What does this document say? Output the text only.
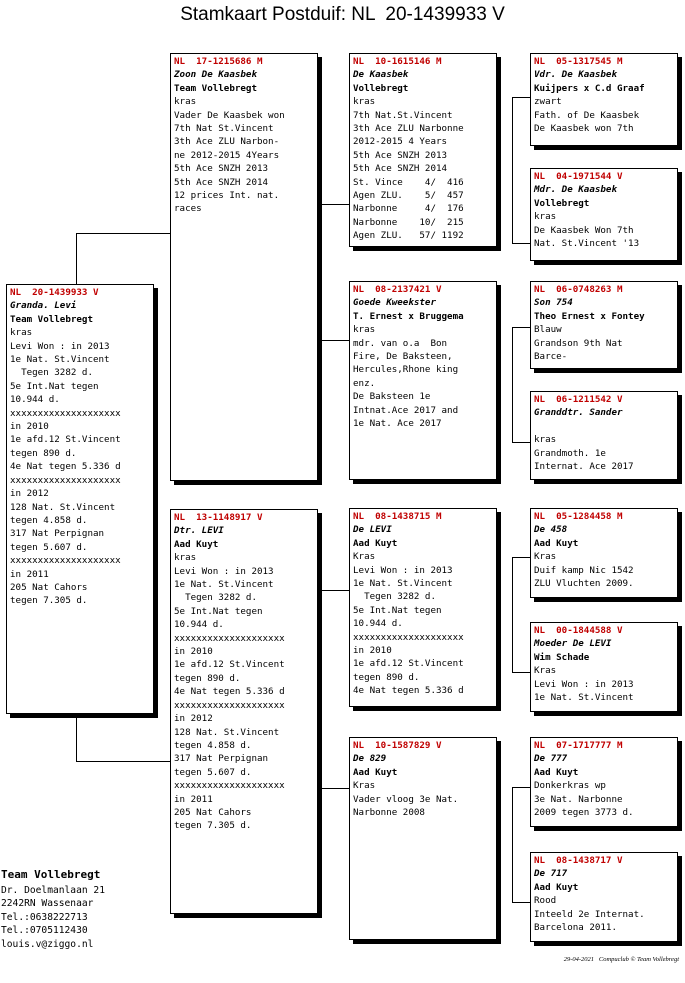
Stamkaart Postduif: NL  20-1439933 V
NL  20-1439933 V
Granda. Levi
Team Vollebregt
kras
Levi Won : in 2013
1e Nat. St.Vincent
Tegen 3282 d.
5e Int.Nat tegen
10.944 d.
xxxxxxxxxxxxxxxxxxxx
in 2010
1e afd.12 St.Vincent
tegen 890 d.
4e Nat tegen 5.336 d
xxxxxxxxxxxxxxxxxxxx
in 2012
128 Nat. St.Vincent
tegen 4.858 d.
317 Nat Perpignan
tegen 5.607 d.
xxxxxxxxxxxxxxxxxxxx
in 2011
205 Nat Cahors
tegen 7.305 d.
NL  17-1215686 M
Zoon De Kaasbek
Team Vollebregt
kras
Vader De Kaasbek won
7th Nat St.Vincent
3th Ace ZLU Narbon-
ne 2012-2015 4Years
5th Ace SNZH 2013
5th Ace SNZH 2014
12 prices Int. nat.
races
NL  13-1148917 V
Dtr. LEVI
Aad Kuyt
kras
Levi Won : in 2013
1e Nat. St.Vincent
Tegen 3282 d.
5e Int.Nat tegen
10.944 d.
xxxxxxxxxxxxxxxxxxxx
in 2010
1e afd.12 St.Vincent
tegen 890 d.
4e Nat tegen 5.336 d
xxxxxxxxxxxxxxxxxxxx
in 2012
128 Nat. St.Vincent
tegen 4.858 d.
317 Nat Perpignan
tegen 5.607 d.
xxxxxxxxxxxxxxxxxxxx
in 2011
205 Nat Cahors
tegen 7.305 d.
NL  10-1615146 M
De Kaasbek
Vollebregt
kras
7th Nat.St.Vincent
3th Ace ZLU Narbonne
2012-2015 4 Years
5th Ace SNZH 2013
5th Ace SNZH 2014
St. Vince    4/  416
Agen ZLU.    5/  457
Narbonne     4/  176
Narbonne    10/  215
Agen ZLU.   57/ 1192
NL  08-2137421 V
Goede Kweekster
T. Ernest x Bruggema
kras
mdr. van o.a  Bon
Fire, De Baksteen,
Hercules,Rhone king
enz.
De Baksteen 1e
Intnat.Ace 2017 and
1e Nat. Ace 2017
NL  08-1438715 M
De LEVI
Aad Kuyt
Kras
Levi Won : in 2013
1e Nat. St.Vincent
Tegen 3282 d.
5e Int.Nat tegen
10.944 d.
xxxxxxxxxxxxxxxxxxxx
in 2010
1e afd.12 St.Vincent
tegen 890 d.
4e Nat tegen 5.336 d
NL  10-1587829 V
De 829
Aad Kuyt
Kras
Vader vloog 3e Nat.
Narbonne 2008
NL  05-1317545 M
Vdr. De Kaasbek
Kuijpers x C.d Graaf
zwart
Fath. of De Kaasbek
De Kaasbek won 7th
NL  04-1971544 V
Mdr. De Kaasbek
Vollebregt
kras
De Kaasbek Won 7th
Nat. St.Vincent '13
NL  06-0748263 M
Son 754
Theo Ernest x Fontey
Blauw
Grandson 9th Nat
Barce-
NL  06-1211542 V
Granddtr. Sander

kras
Grandmoth. 1e
Internat. Ace 2017
NL  05-1284458 M
De 458
Aad Kuyt
Kras
Duif kamp Nic 1542
ZLU Vluchten 2009.
NL  00-1844588 V
Moeder De LEVI
Wim Schade
Kras
Levi Won : in 2013
1e Nat. St.Vincent
NL  07-1717777 M
De 777
Aad Kuyt
Donkerkras wp
3e Nat. Narbonne
2009 tegen 3773 d.
NL  08-1438717 V
De 717
Aad Kuyt
Rood
Inteeld 2e Internat.
Barcelona 2011.
Team Vollebregt
Dr. Doelmanlaan 21
2242RN Wassenaar
Tel.:0638222713
Tel.:0705112430
louis.v@ziggo.nl
29-04-2021   Compuclub © Team Vollebregt
